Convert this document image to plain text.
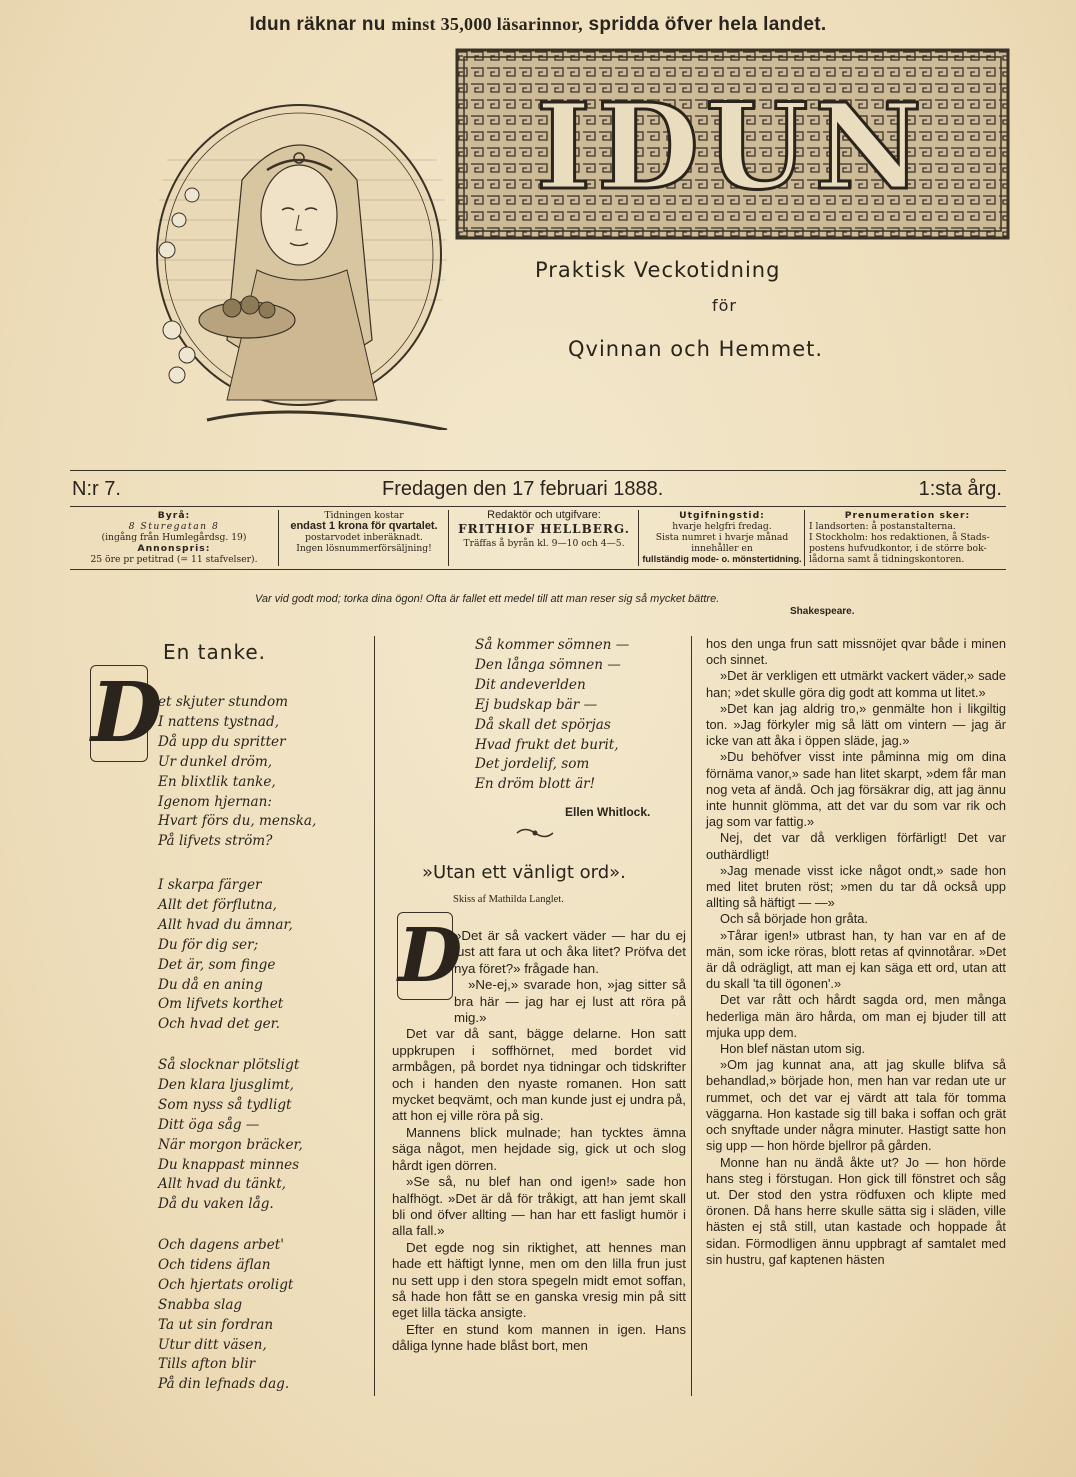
Idun räknar nu minst 35,000 läsarinnor, spridda öfver hela landet.
IDUN
Praktisk Veckotidning
för
Qvinnan och Hemmet.
N:r 7.	Fredagen den 17 februari 1888.	1:sta årg.
Byrå:
8 Sturegatan 8
(ingång från Humlegårdsg. 19)
Annonspris:
25 öre pr petitrad (= 11 stafvelser).
Tidningen kostar
endast 1 krona för qvartalet.
postarvodet inberäknadt.
Ingen lösnummerförsäljning!
Redaktör och utgifvare:
FRITHIOF HELLBERG.
Träffas å byrån kl. 9—10 och 4—5.
Utgifningstid:
hvarje helgfri fredag.
Sista numret i hvarje månad
innehåller en
fullständig mode- o. mönstertidning.
Prenumeration sker:
I landsorten: å postanstalterna.
I Stockholm: hos redaktionen, å Stads-
postens hufvudkontor, i de större bok-
lådorna samt å tidningskontoren.
Var vid godt mod; torka dina ögon! Ofta är fallet ett medel till att man reser sig så mycket bättre.
Shakespeare.
En tanke.
D
et skjuter stundom
I nattens tystnad,
Då upp du spritter
Ur dunkel dröm,
En blixtlik tanke,
Igenom hjernan:
Hvart förs du, menska,
På lifvets ström?
I skarpa färger
Allt det förflutna,
Allt hvad du ämnar,
Du för dig ser;
Det är, som finge
Du då en aning
Om lifvets korthet
Och hvad det ger.
Så slocknar plötsligt
Den klara ljusglimt,
Som nyss så tydligt
Ditt öga såg —
När morgon bräcker,
Du knappast minnes
Allt hvad du tänkt,
Då du vaken låg.
Och dagens arbet'
Och tidens äflan
Och hjertats oroligt
Snabba slag
Ta ut sin fordran
Utur ditt väsen,
Tills afton blir
På din lefnads dag.
Så kommer sömnen —
Den långa sömnen —
Dit andeverlden
Ej budskap bär —
Då skall det spörjas
Hvad frukt det burit,
Det jordelif, som
En dröm blott är!
Ellen Whitlock.
»Utan ett vänligt ord».
Skiss af Mathilda Langlet.
D

»Det är så vackert väder — har du ej lust att fara ut och åka litet? Pröfva det nya föret?» frågade han.

»Ne-ej,» svarade hon, »jag sitter så bra här — jag har ej lust att röra på mig.»

Det var då sant, bägge delarne. Hon satt uppkrupen i soffhörnet, med bordet vid armbågen, på bordet nya tidningar och tidskrifter och i handen den nyaste romanen. Hon satt mycket beqvämt, och man kunde just ej undra på, att hon ej ville röra på sig.

Mannens blick mulnade; han tycktes ämna säga något, men hejdade sig, gick ut och slog hårdt igen dörren.

»Se så, nu blef han ond igen!» sade hon halfhögt. »Det är då för tråkigt, att han jemt skall bli ond öfver allting — han har ett fasligt humör i alla fall.»

Det egde nog sin riktighet, att hennes man hade ett häftigt lynne, men om den lilla frun just nu sett upp i den stora spegeln midt emot soffan, så hade hon fått se en ganska vresig min på sitt eget lilla täcka ansigte.

Efter en stund kom mannen in igen. Hans dåliga lynne hade blåst bort, men

hos den unga frun satt missnöjet qvar både i minen och sinnet.

»Det är verkligen ett utmärkt vackert väder,» sade han; »det skulle göra dig godt att komma ut litet.»

»Det kan jag aldrig tro,» genmälte hon i likgiltig ton. »Jag förkyler mig så lätt om vintern — jag är icke van att åka i öppen släde, jag.»

»Du behöfver visst inte påminna mig om dina förnäma vanor,» sade han litet skarpt, »dem får man nog veta af ändå. Och jag försäkrar dig, att jag ännu inte hunnit glömma, att det var du som var rik och jag som var fattig.»

Nej, det var då verkligen förfärligt! Det var outhärdligt!

»Jag menade visst icke något ondt,» sade hon med litet bruten röst; »men du tar då också upp allting så häftigt — —»

Och så började hon gråta.

»Tårar igen!» utbrast han, ty han var en af de män, som icke röras, blott retas af qvinnotårar. »Det är då odrägligt, att man ej kan säga ett ord, utan att du skall 'ta till ögonen'.»

Det var rått och hårdt sagda ord, men många hederliga män äro hårda, om man ej bjuder till att mjuka upp dem.

Hon blef nästan utom sig.

»Om jag kunnat ana, att jag skulle blifva så behandlad,» började hon, men han var redan ute ur rummet, och det var ej värdt att tala för tomma väggarna. Hon kastade sig till baka i soffan och grät och snyftade under några minuter. Hastigt satte hon sig upp — hon hörde bjellror på gården.

Monne han nu ändå åkte ut? Jo — hon hörde hans steg i förstugan. Hon gick till fönstret och såg ut. Der stod den ystra rödfuxen och klipte med öronen. Då hans herre skulle sätta sig i släden, ville hästen ej stå still, utan kastade och hoppade åt sidan. Förmodligen ännu uppbragt af samtalet med sin hustru, gaf kaptenen hästen
